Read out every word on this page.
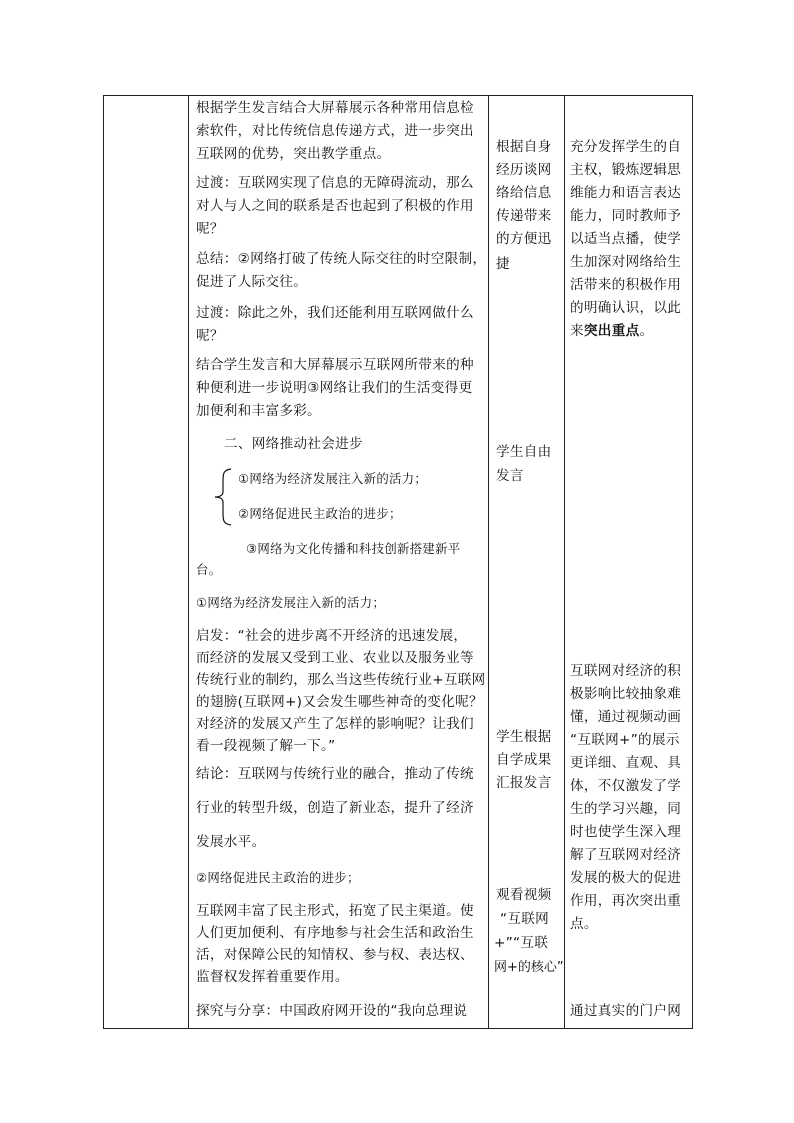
根据学生发言结合大屏幕展示各种常用信息检
索软件，对比传统信息传递方式，进一步突出
互联网的优势，突出教学重点。
过渡：互联网实现了信息的无障碍流动，那么
对人与人之间的联系是否也起到了积极的作用
呢？
总结：②网络打破了传统人际交往的时空限制，
促进了人际交往。
过渡：除此之外，我们还能利用互联网做什么
呢？
结合学生发言和大屏幕展示互联网所带来的种
种便利进一步说明③网络让我们的生活变得更
加便利和丰富多彩。
二、网络推动社会进步
①网络为经济发展注入新的活力；
②网络促进民主政治的进步；
③网络为文化传播和科技创新搭建新平
台。
①网络为经济发展注入新的活力；
启发：“社会的进步离不开经济的迅速发展，
而经济的发展又受到工业、农业以及服务业等
传统行业的制约，那么当这些传统行业+互联网
的翅膀(互联网+)又会发生哪些神奇的变化呢？
对经济的发展又产生了怎样的影响呢？让我们
看一段视频了解一下。”
结论：互联网与传统行业的融合，推动了传统
行业的转型升级，创造了新业态，提升了经济
发展水平。
②网络促进民主政治的进步；
互联网丰富了民主形式，拓宽了民主渠道。使
人们更加便利、有序地参与社会生活和政治生
活，对保障公民的知情权、参与权、表达权、
监督权发挥着重要作用。
探究与分享：中国政府网开设的“我向总理说
根据自身
经历谈网
络给信息
传递带来
的方便迅
捷
学生自由
发言
学生根据
自学成果
汇报发言
观看视频
“互联网
+”“互联
网+的核心”
充分发挥学生的自
主权，锻炼逻辑思
维能力和语言表达
能力，同时教师予
以适当点播，使学
生加深对网络给生
活带来的积极作用
的明确认识，以此
来突出重点。
互联网对经济的积
极影响比较抽象难
懂，通过视频动画
“互联网+”的展示
更详细、直观、具
体，不仅激发了学
生的学习兴趣，同
时也使学生深入理
解了互联网对经济
发展的极大的促进
作用，再次突出重
点。
通过真实的门户网
